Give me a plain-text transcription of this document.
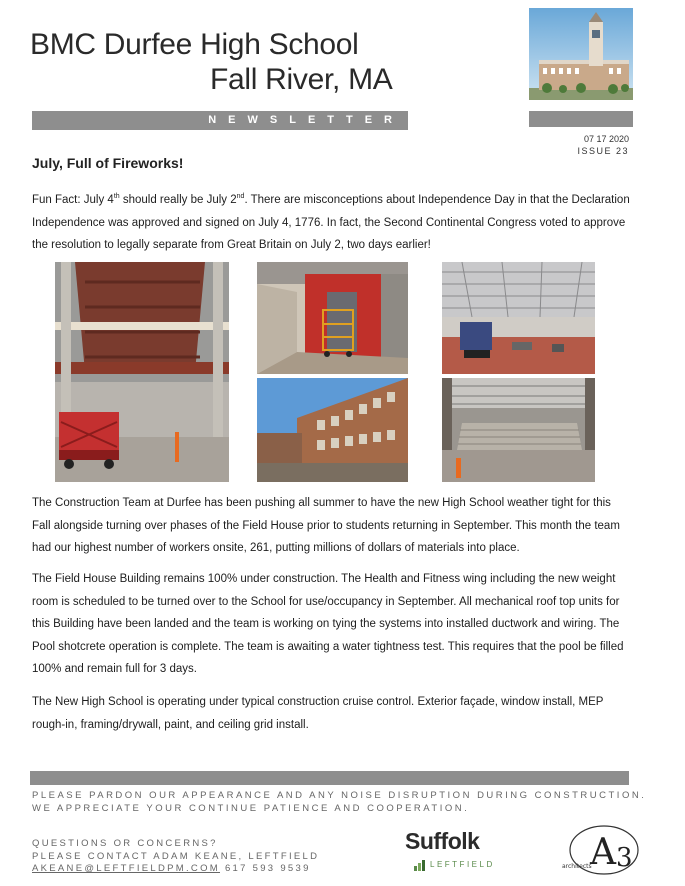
BMC Durfee High School
Fall River, MA
NEWSLETTER
07 17 2020
ISSUE 23
July, Full of Fireworks!
Fun Fact: July 4th should really be July 2nd. There are misconceptions about Independence Day in that the Declaration Independence was approved and signed on July 4, 1776. In fact, the Second Continental Congress voted to approve the resolution to legally separate from Great Britain on July 2, two days earlier!
The Construction Team at Durfee has been pushing all summer to have the new High School weather tight for this Fall alongside turning over phases of the Field House prior to students returning in September. This month the team had our highest number of workers onsite, 261, putting millions of dollars of materials into place.
The Field House Building remains 100% under construction. The Health and Fitness wing including the new weight room is scheduled to be turned over to the School for use/occupancy in September. All mechanical roof top units for this Building have been landed and the team is working on tying the systems into installed ductwork and wiring. The Pool shotcrete operation is complete. The team is awaiting a water tightness test. This requires that the pool be filled 100% and remain full for 3 days.
The New High School is operating under typical construction cruise control. Exterior façade, window install, MEP rough-in, framing/drywall, paint, and ceiling grid install.
PLEASE PARDON OUR APPEARANCE AND ANY NOISE DISRUPTION DURING CONSTRUCTION.
WE APPRECIATE YOUR CONTINUE PATIENCE AND COOPERATION.
QUESTIONS OR CONCERNS?
PLEASE CONTACT ADAM KEANE, LEFTFIELD
AKEANE@LEFTFIELDPM.COM 617 593 9539
Suffolk
LEFTFIELD	A 3
architects
